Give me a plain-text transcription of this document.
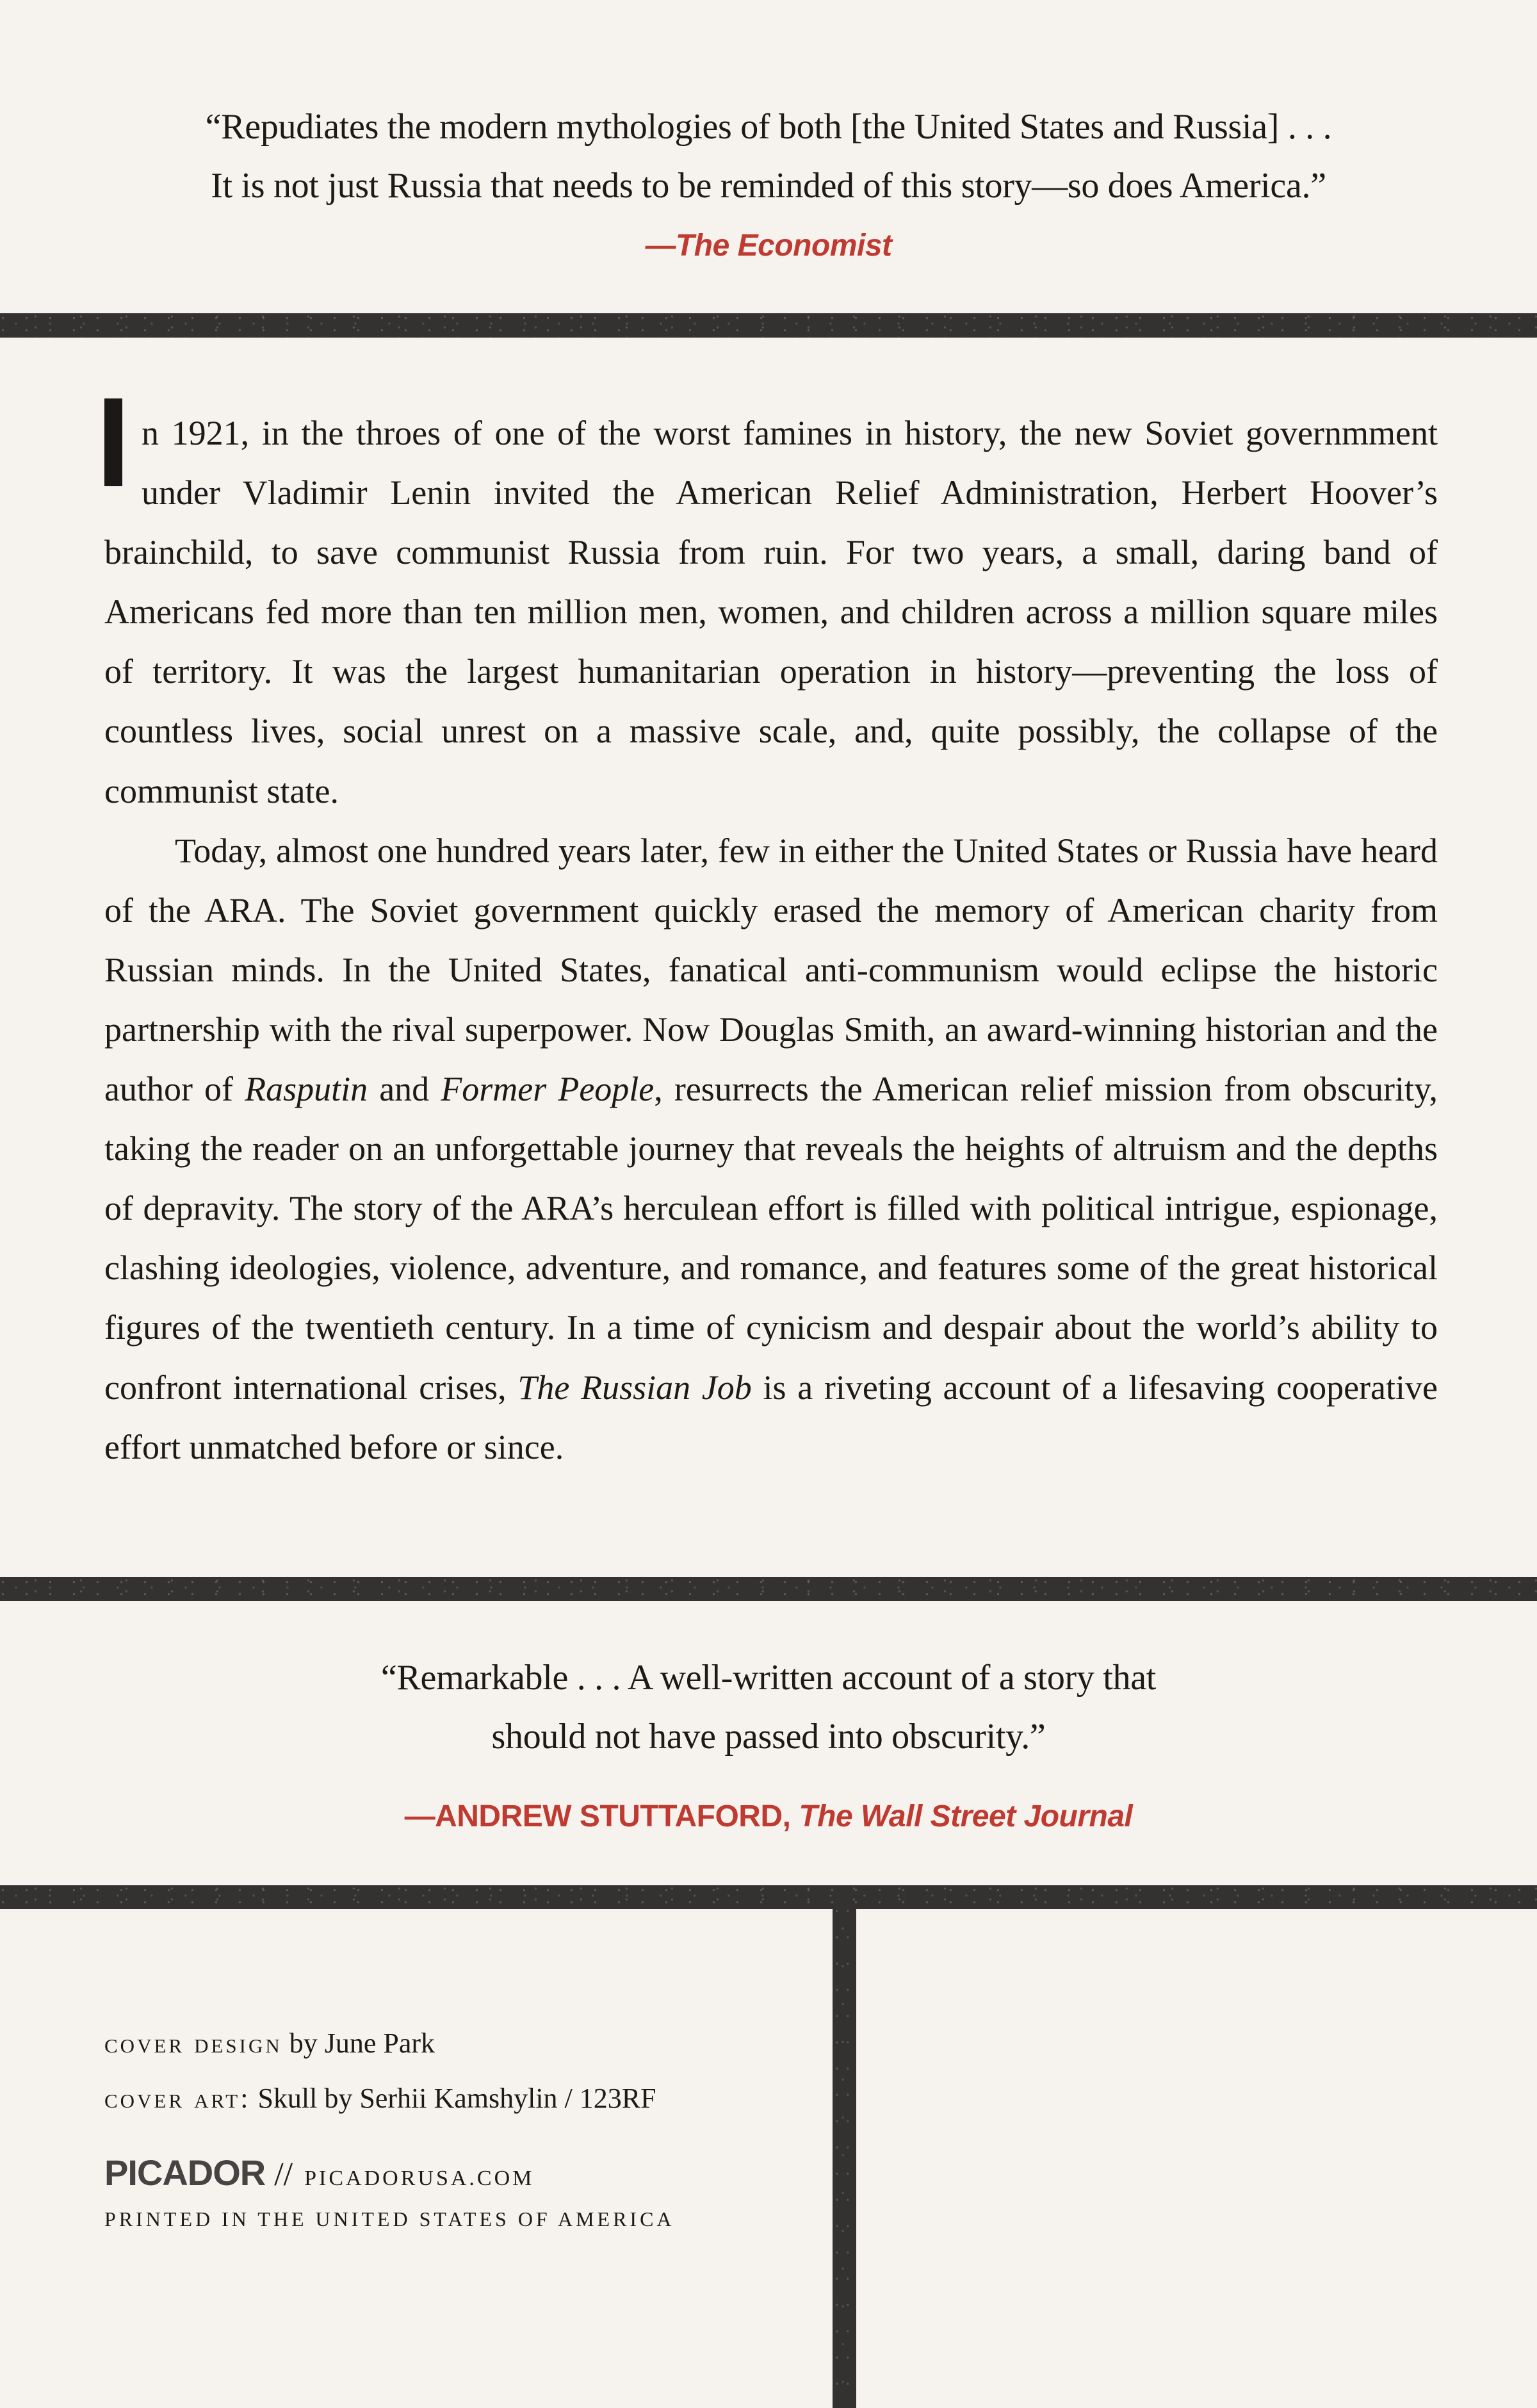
“Repudiates the modern mythologies of both [the United States and Russia] . . .
It is not just Russia that needs to be reminded of this story—so does America.”
—The Economist

n 1921, in the throes of one of the worst famines in history, the new Soviet governmment under Vladimir Lenin invited the American Relief Administration, Herbert Hoover’s brainchild, to save communist Russia from ruin. For two years, a small, daring band of Americans fed more than ten million men, women, and children across a million square miles of territory. It was the largest humanitarian operation in history—preventing the loss of countless lives, social unrest on a massive scale, and, quite possibly, the collapse of the communist state.

Today, almost one hundred years later, few in either the United States or Russia have heard of the ARA. The Soviet government quickly erased the memory of American charity from Russian minds. In the United States, fanatical anti-communism would eclipse the historic partnership with the rival superpower. Now Douglas Smith, an award-winning historian and the author of Rasputin and Former People, resurrects the American relief mission from obscurity, taking the reader on an unforgettable journey that reveals the heights of altruism and the depths of depravity. The story of the ARA’s herculean effort is filled with political intrigue, espionage, clashing ideologies, violence, adventure, and romance, and features some of the great historical figures of the twentieth century. In a time of cynicism and despair about the world’s ability to confront international crises, The Russian Job is a riveting account of a lifesaving cooperative effort unmatched before or since.

“Remarkable . . . A well-written account of a story that
should not have passed into obscurity.”
—ANDREW STUTTAFORD, The Wall Street Journal
cover design by June Park
cover art: Skull by Serhii Kamshylin / 123RF
PICADOR // PICADORUSA.COM
PRINTED IN THE UNITED STATES OF AMERICA
